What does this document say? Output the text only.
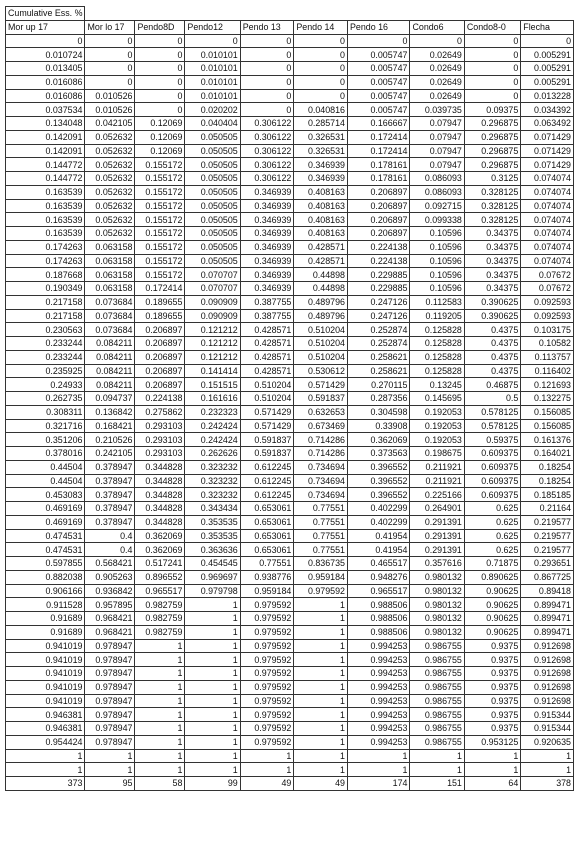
Cumulative Ess. %									
Mor up 17	Mor lo 17	Pendo8D	Pendo12	Pendo 13	Pendo 14	Pendo 16	Condo6	Condo8-0	Flecha
0	0	0	0	0	0	0	0	0	0
0.010724	0	0	0.010101	0	0	0.005747	0.02649	0	0.005291
0.013405	0	0	0.010101	0	0	0.005747	0.02649	0	0.005291
0.016086	0	0	0.010101	0	0	0.005747	0.02649	0	0.005291
0.016086	0.010526	0	0.010101	0	0	0.005747	0.02649	0	0.013228
0.037534	0.010526	0	0.020202	0	0.040816	0.005747	0.039735	0.09375	0.034392
0.134048	0.042105	0.12069	0.040404	0.306122	0.285714	0.166667	0.07947	0.296875	0.063492
0.142091	0.052632	0.12069	0.050505	0.306122	0.326531	0.172414	0.07947	0.296875	0.071429
0.142091	0.052632	0.12069	0.050505	0.306122	0.326531	0.172414	0.07947	0.296875	0.071429
0.144772	0.052632	0.155172	0.050505	0.306122	0.346939	0.178161	0.07947	0.296875	0.071429
0.144772	0.052632	0.155172	0.050505	0.306122	0.346939	0.178161	0.086093	0.3125	0.074074
0.163539	0.052632	0.155172	0.050505	0.346939	0.408163	0.206897	0.086093	0.328125	0.074074
0.163539	0.052632	0.155172	0.050505	0.346939	0.408163	0.206897	0.092715	0.328125	0.074074
0.163539	0.052632	0.155172	0.050505	0.346939	0.408163	0.206897	0.099338	0.328125	0.074074
0.163539	0.052632	0.155172	0.050505	0.346939	0.408163	0.206897	0.10596	0.34375	0.074074
0.174263	0.063158	0.155172	0.050505	0.346939	0.428571	0.224138	0.10596	0.34375	0.074074
0.174263	0.063158	0.155172	0.050505	0.346939	0.428571	0.224138	0.10596	0.34375	0.074074
0.187668	0.063158	0.155172	0.070707	0.346939	0.44898	0.229885	0.10596	0.34375	0.07672
0.190349	0.063158	0.172414	0.070707	0.346939	0.44898	0.229885	0.10596	0.34375	0.07672
0.217158	0.073684	0.189655	0.090909	0.387755	0.489796	0.247126	0.112583	0.390625	0.092593
0.217158	0.073684	0.189655	0.090909	0.387755	0.489796	0.247126	0.119205	0.390625	0.092593
0.230563	0.073684	0.206897	0.121212	0.428571	0.510204	0.252874	0.125828	0.4375	0.103175
0.233244	0.084211	0.206897	0.121212	0.428571	0.510204	0.252874	0.125828	0.4375	0.10582
0.233244	0.084211	0.206897	0.121212	0.428571	0.510204	0.258621	0.125828	0.4375	0.113757
0.235925	0.084211	0.206897	0.141414	0.428571	0.530612	0.258621	0.125828	0.4375	0.116402
0.24933	0.084211	0.206897	0.151515	0.510204	0.571429	0.270115	0.13245	0.46875	0.121693
0.262735	0.094737	0.224138	0.161616	0.510204	0.591837	0.287356	0.145695	0.5	0.132275
0.308311	0.136842	0.275862	0.232323	0.571429	0.632653	0.304598	0.192053	0.578125	0.156085
0.321716	0.168421	0.293103	0.242424	0.571429	0.673469	0.33908	0.192053	0.578125	0.156085
0.351206	0.210526	0.293103	0.242424	0.591837	0.714286	0.362069	0.192053	0.59375	0.161376
0.378016	0.242105	0.293103	0.262626	0.591837	0.714286	0.373563	0.198675	0.609375	0.164021
0.44504	0.378947	0.344828	0.323232	0.612245	0.734694	0.396552	0.211921	0.609375	0.18254
0.44504	0.378947	0.344828	0.323232	0.612245	0.734694	0.396552	0.211921	0.609375	0.18254
0.453083	0.378947	0.344828	0.323232	0.612245	0.734694	0.396552	0.225166	0.609375	0.185185
0.469169	0.378947	0.344828	0.343434	0.653061	0.77551	0.402299	0.264901	0.625	0.21164
0.469169	0.378947	0.344828	0.353535	0.653061	0.77551	0.402299	0.291391	0.625	0.219577
0.474531	0.4	0.362069	0.353535	0.653061	0.77551	0.41954	0.291391	0.625	0.219577
0.474531	0.4	0.362069	0.363636	0.653061	0.77551	0.41954	0.291391	0.625	0.219577
0.597855	0.568421	0.517241	0.454545	0.77551	0.836735	0.465517	0.357616	0.71875	0.293651
0.882038	0.905263	0.896552	0.969697	0.938776	0.959184	0.948276	0.980132	0.890625	0.867725
0.906166	0.936842	0.965517	0.979798	0.959184	0.979592	0.965517	0.980132	0.90625	0.89418
0.911528	0.957895	0.982759	1	0.979592	1	0.988506	0.980132	0.90625	0.899471
0.91689	0.968421	0.982759	1	0.979592	1	0.988506	0.980132	0.90625	0.899471
0.91689	0.968421	0.982759	1	0.979592	1	0.988506	0.980132	0.90625	0.899471
0.941019	0.978947	1	1	0.979592	1	0.994253	0.986755	0.9375	0.912698
0.941019	0.978947	1	1	0.979592	1	0.994253	0.986755	0.9375	0.912698
0.941019	0.978947	1	1	0.979592	1	0.994253	0.986755	0.9375	0.912698
0.941019	0.978947	1	1	0.979592	1	0.994253	0.986755	0.9375	0.912698
0.941019	0.978947	1	1	0.979592	1	0.994253	0.986755	0.9375	0.912698
0.946381	0.978947	1	1	0.979592	1	0.994253	0.986755	0.9375	0.915344
0.946381	0.978947	1	1	0.979592	1	0.994253	0.986755	0.9375	0.915344
0.954424	0.978947	1	1	0.979592	1	0.994253	0.986755	0.953125	0.920635
1	1	1	1	1	1	1	1	1	1
1	1	1	1	1	1	1	1	1	1
373	95	58	99	49	49	174	151	64	378
